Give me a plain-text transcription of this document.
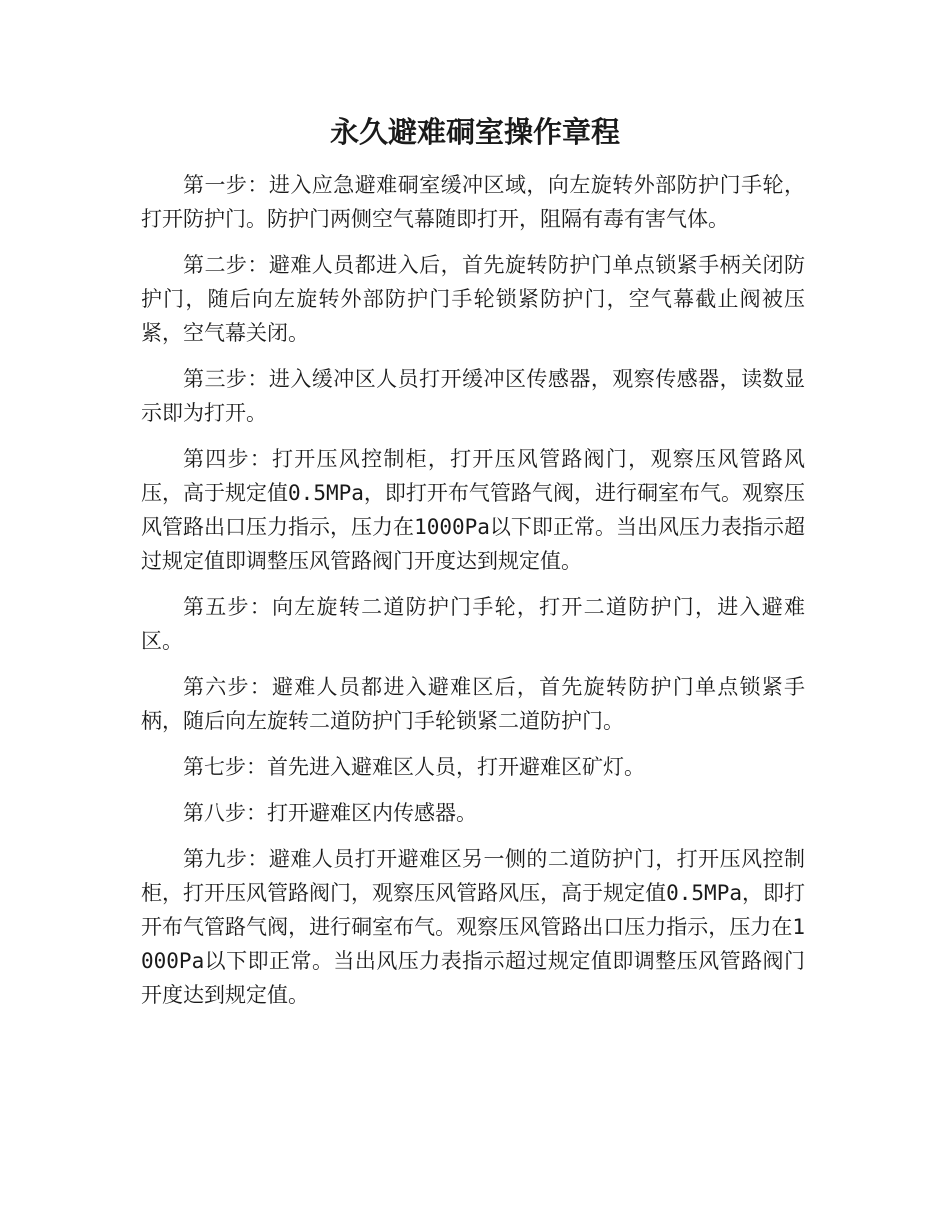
永久避难硐室操作章程

第一步：进入应急避难硐室缓冲区域，向左旋转外部防护门手轮，打开防护门。防护门两侧空气幕随即打开，阻隔有毒有害气体。

第二步：避难人员都进入后，首先旋转防护门单点锁紧手柄关闭防护门，随后向左旋转外部防护门手轮锁紧防护门，空气幕截止阀被压紧，空气幕关闭。

第三步：进入缓冲区人员打开缓冲区传感器，观察传感器，读数显示即为打开。

第四步：打开压风控制柜，打开压风管路阀门，观察压风管路风压，高于规定值0.5MPa，即打开布气管路气阀，进行硐室布气。观察压风管路出口压力指示，压力在1000Pa以下即正常。当出风压力表指示超过规定值即调整压风管路阀门开度达到规定值。

第五步：向左旋转二道防护门手轮，打开二道防护门，进入避难区。

第六步：避难人员都进入避难区后，首先旋转防护门单点锁紧手柄，随后向左旋转二道防护门手轮锁紧二道防护门。

第七步：首先进入避难区人员，打开避难区矿灯。

第八步：打开避难区内传感器。

第九步：避难人员打开避难区另一侧的二道防护门，打开压风控制柜，打开压风管路阀门，观察压风管路风压，高于规定值0.5MPa，即打开布气管路气阀，进行硐室布气。观察压风管路出口压力指示，压力在1000Pa以下即正常。当出风压力表指示超过规定值即调整压风管路阀门开度达到规定值。
